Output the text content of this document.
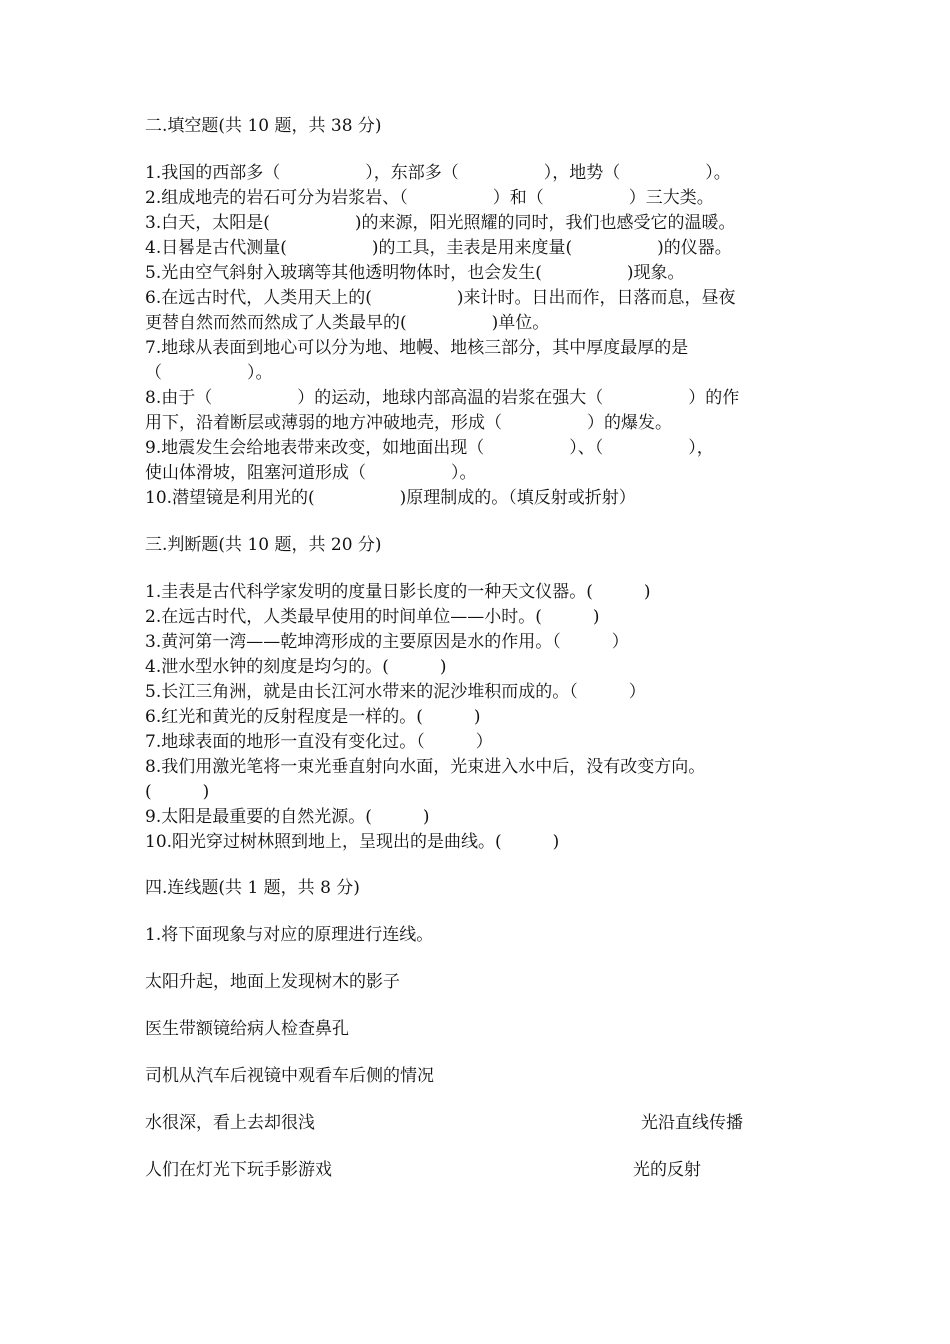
二.填空题(共 10 题，共 38 分)
1.我国的西部多（　　　　　），东部多（　　　　　），地势（　　　　　）。
2.组成地壳的岩石可分为岩浆岩、（　　　　　）和（　　　　　）三大类。
3.白天，太阳是(　　　　　)的来源，阳光照耀的同时，我们也感受它的温暖。
4.日晷是古代测量(　　　　　)的工具，圭表是用来度量(　　　　　)的仪器。
5.光由空气斜射入玻璃等其他透明物体时，也会发生(　　　　　)现象。
6.在远古时代，人类用天上的(　　　　　)来计时。日出而作，日落而息，昼夜
更替自然而然而然成了人类最早的(　　　　　)单位。
7.地球从表面到地心可以分为地、地幔、地核三部分，其中厚度最厚的是
（　　　　　）。
8.由于（　　　　　）的运动，地球内部高温的岩浆在强大（　　　　　）的作
用下，沿着断层或薄弱的地方冲破地壳，形成（　　　　　）的爆发。
9.地震发生会给地表带来改变，如地面出现（　　　　　）、（　　　　　），
使山体滑坡，阻塞河道形成（　　　　　）。
10.潜望镜是利用光的(　　　　　)原理制成的。（填反射或折射）
三.判断题(共 10 题，共 20 分)
1.圭表是古代科学家发明的度量日影长度的一种天文仪器。(　　　)
2.在远古时代，人类最早使用的时间单位——小时。(　　　)
3.黄河第一湾——乾坤湾形成的主要原因是水的作用。（　　　）
4.泄水型水钟的刻度是均匀的。(　　　)
5.长江三角洲，就是由长江河水带来的泥沙堆积而成的。（　　　）
6.红光和黄光的反射程度是一样的。(　　　)
7.地球表面的地形一直没有变化过。（　　　）
8.我们用激光笔将一束光垂直射向水面，光束进入水中后，没有改变方向。
(　　　)
9.太阳是最重要的自然光源。(　　　)
10.阳光穿过树林照到地上，呈现出的是曲线。(　　　)
四.连线题(共 1 题，共 8 分)
1.将下面现象与对应的原理进行连线。
太阳升起，地面上发现树木的影子
医生带额镜给病人检查鼻孔
司机从汽车后视镜中观看车后侧的情况
水很深，看上去却很浅
人们在灯光下玩手影游戏
光沿直线传播
光的反射
